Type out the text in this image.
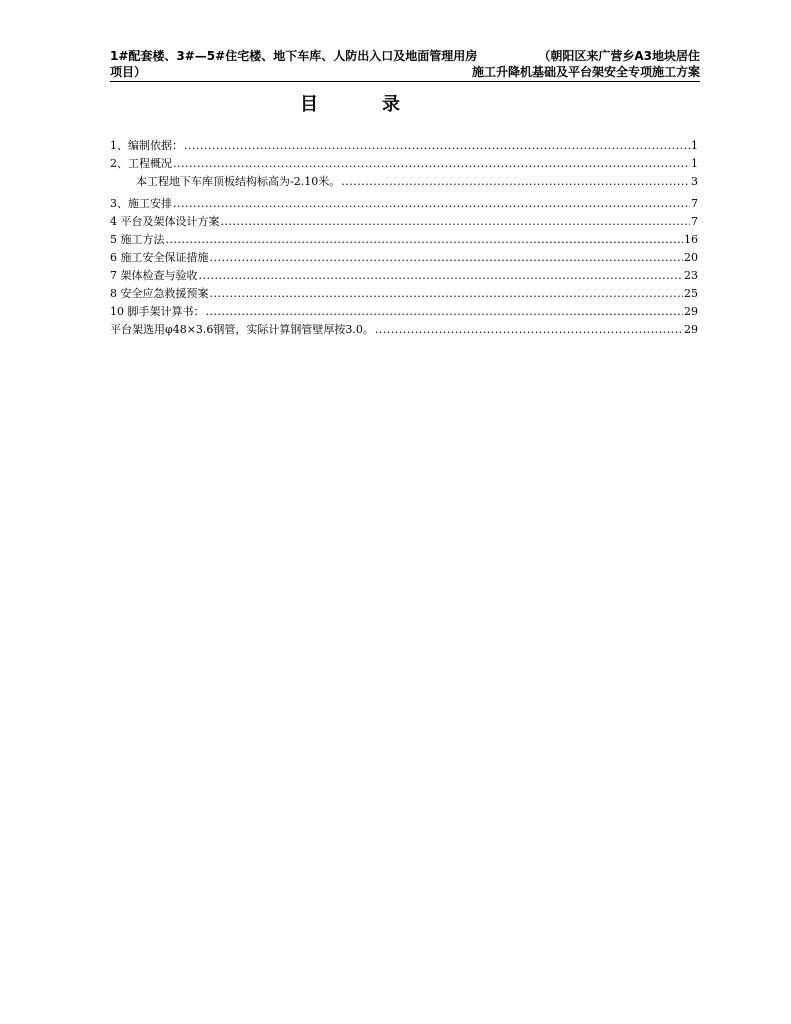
1#配套楼、3#—5#住宅楼、地下车库、人防出入口及地面管理用房	（朝阳区来广营乡A3地块居住
项目）	施工升降机基础及平台架安全专项施工方案
目	录
1、编制依据： .....	1
2、工程概况 .....	1
本工程地下车库顶板结构标高为-2.10米。 .....	3
3、施工安排 .....	7
4 平台及架体设计方案 .....	7
5 施工方法 .....	16
6 施工安全保证措施 .....	20
7 架体检查与验收 .....	23
8 安全应急救援预案 .....	25
10 脚手架计算书： .....	29
平台架选用φ48×3.6钢管，实际计算钢管壁厚按3.0。 .....	29
